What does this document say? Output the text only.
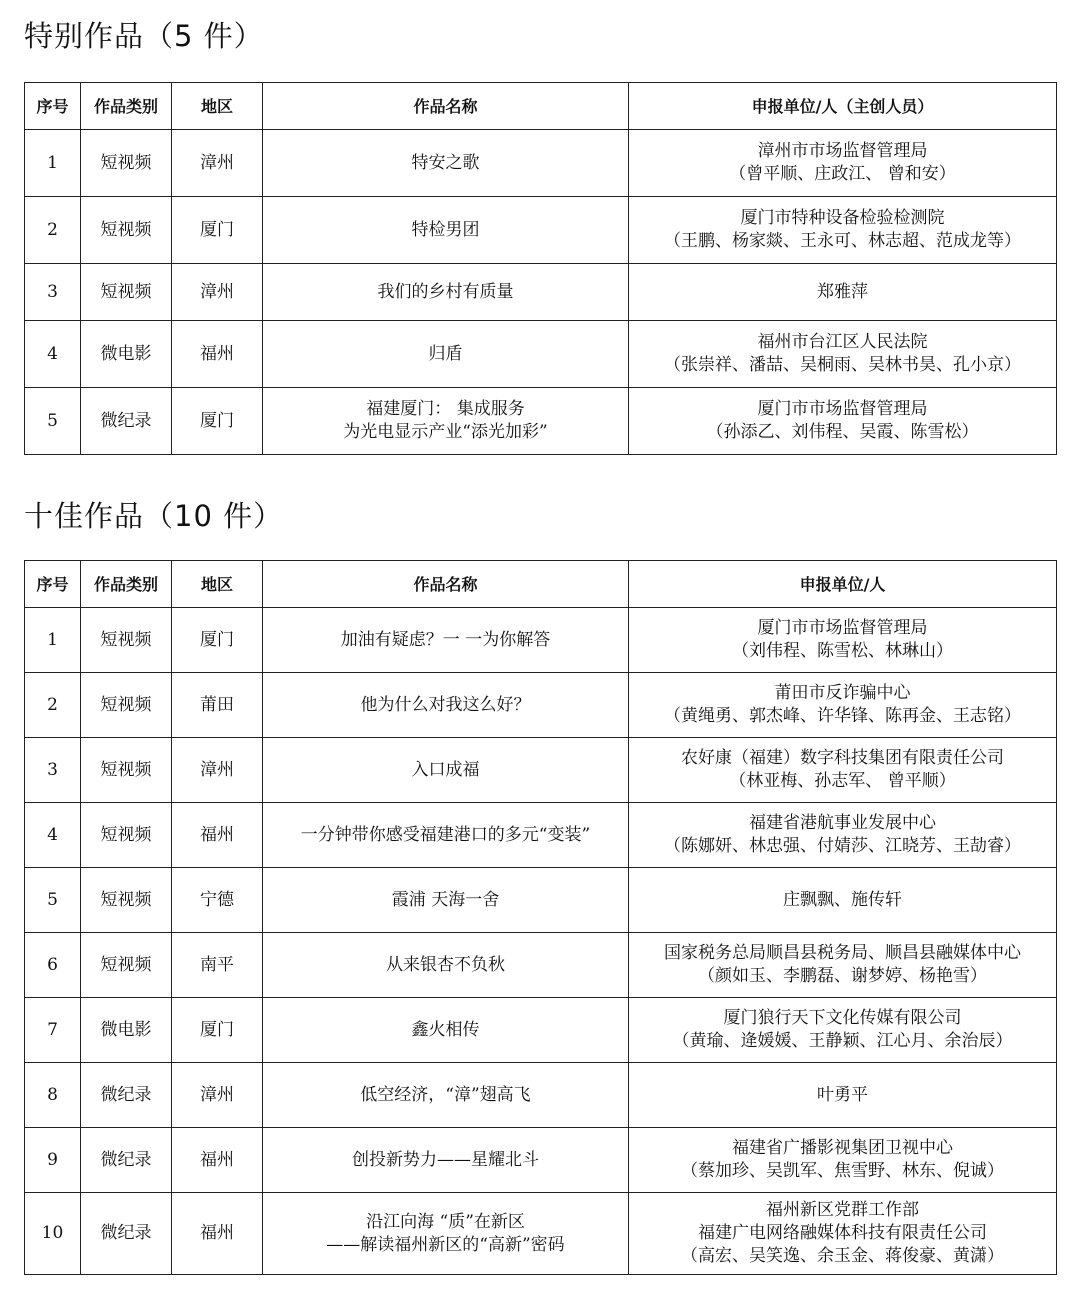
特别作品（5 件）
序号	作品类别	地区	作品名称	申报单位/人（主创人员）
1	短视频	漳州	特安之歌	漳州市市场监督管理局
（曾平顺、庄政江、 曾和安）

2	短视频	厦门	特检男团	厦门市特种设备检验检测院
（王鹏、杨家燚、王永可、林志超、范成龙等）

3	短视频	漳州	我们的乡村有质量	郑雅萍

4	微电影	福州	归盾	福州市台江区人民法院
（张崇祥、潘喆、吴桐雨、吴林书昊、孔小京）

5	微纪录	厦门	福建厦门： 集成服务
为光电显示产业“添光加彩”	厦门市市场监督管理局
（孙添乙、刘伟程、吴霞、陈雪松）
十佳作品（10 件）
序号	作品类别	地区	作品名称	申报单位/人
1	短视频	厦门	加油有疑虑？一 一为你解答	厦门市市场监督管理局
（刘伟程、陈雪松、林琳山）

2	短视频	莆田	他为什么对我这么好？	莆田市反诈骗中心
（黄绳勇、郭杰峰、许华锋、陈再金、王志铭）

3	短视频	漳州	入口成福	农好康（福建）数字科技集团有限责任公司
（林亚梅、孙志军、 曾平顺）

4	短视频	福州	一分钟带你感受福建港口的多元“变装”	福建省港航事业发展中心
（陈娜妍、林忠强、付婧莎、江晓芳、王劼睿）

5	短视频	宁德	霞浦 天海一舍	庄飘飘、施传轩

6	短视频	南平	从来银杏不负秋	国家税务总局顺昌县税务局、顺昌县融媒体中心
（颜如玉、李鹏磊、谢梦婷、杨艳雪）

7	微电影	厦门	鑫火相传	厦门狼行天下文化传媒有限公司
（黄瑜、逄媛媛、王静颖、江心月、余治辰）

8	微纪录	漳州	低空经济，“漳”翅高飞	叶勇平

9	微纪录	福州	创投新势力——星耀北斗	福建省广播影视集团卫视中心
（蔡加珍、吴凯军、焦雪野、林东、倪诚）

10	微纪录	福州	沿江向海 “质”在新区
——解读福州新区的“高新”密码	福州新区党群工作部
福建广电网络融媒体科技有限责任公司
（高宏、吴笑逸、余玉金、蒋俊豪、黄潇）
